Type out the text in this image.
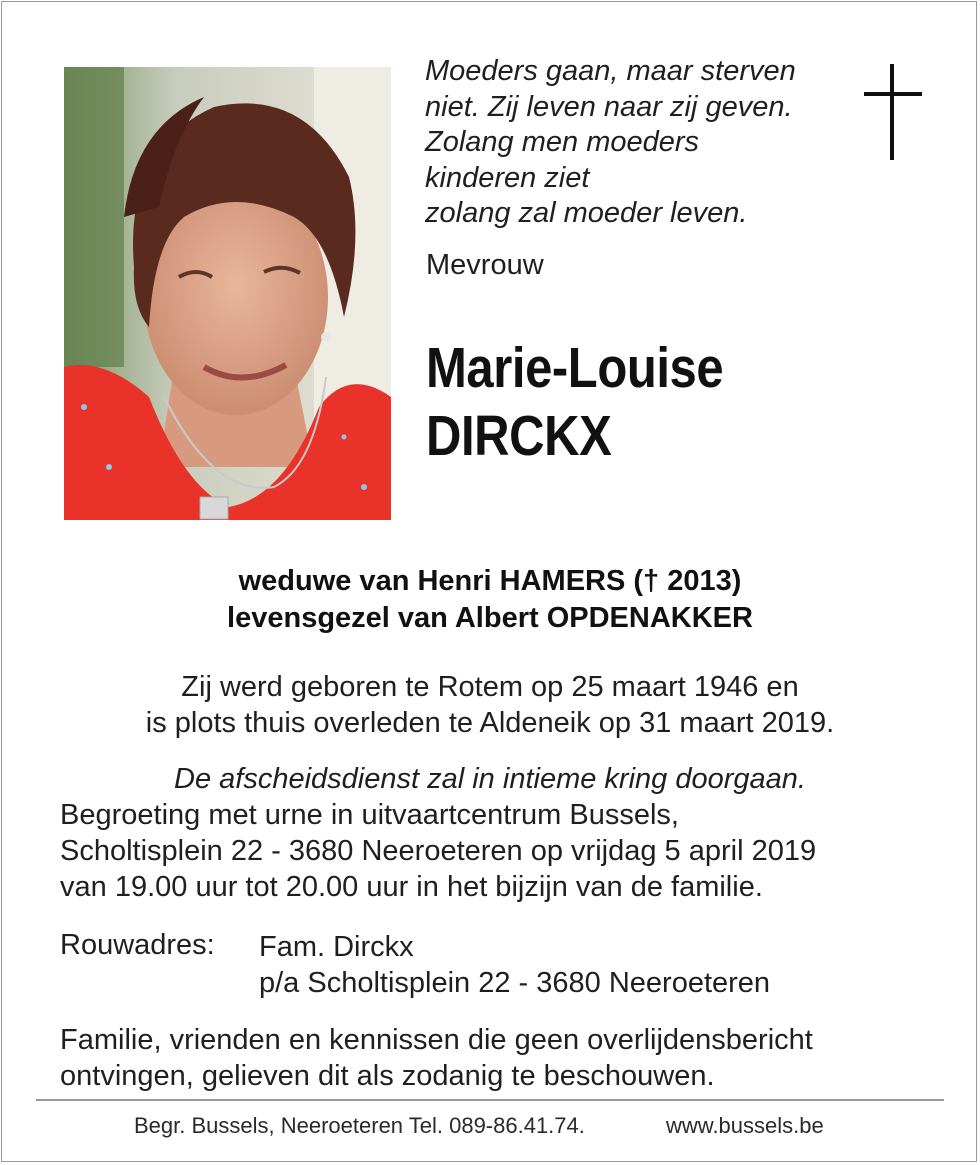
Moeders gaan, maar sterven
niet. Zij leven naar zij geven.
Zolang men moeders
kinderen ziet
zolang zal moeder leven.
Mevrouw
Marie-Louise
DIRCKX
weduwe van Henri HAMERS († 2013)
levensgezel van Albert OPDENAKKER
Zij werd geboren te Rotem op 25 maart 1946 en
is plots thuis overleden te Aldeneik op 31 maart 2019.
De afscheidsdienst zal in intieme kring doorgaan.
Begroeting met urne in uitvaartcentrum Bussels,
Scholtisplein 22 - 3680 Neeroeteren op vrijdag 5 april 2019
van 19.00 uur tot 20.00 uur in het bijzijn van de familie.
Rouwadres: Fam. Dirckx
p/a Scholtisplein 22 - 3680 Neeroeteren
Familie, vrienden en kennissen die geen overlijdensbericht
ontvingen, gelieven dit als zodanig te beschouwen.
Begr. Bussels, Neeroeteren Tel. 089-86.41.74.	www.bussels.be
